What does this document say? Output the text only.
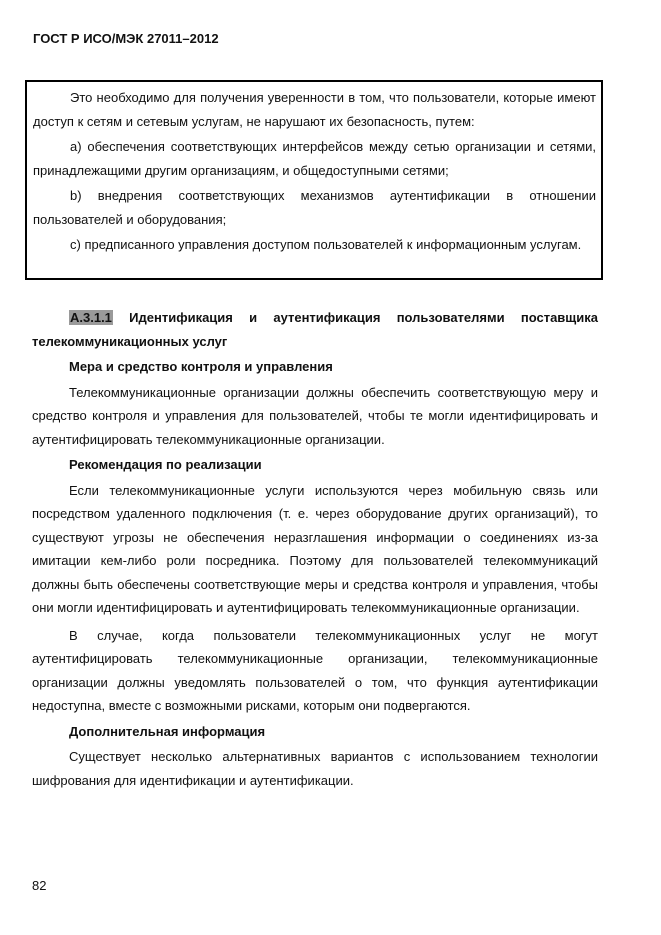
ГОСТ Р ИСО/МЭК 27011–2012

Это необходимо для получения уверенности в том, что пользователи, которые имеют доступ к сетям и сетевым услугам, не нарушают их безопасность, путем:

a) обеспечения соответствующих интерфейсов между сетью организации и сетями, принадлежащими другим организациям, и общедоступными сетями;

b) внедрения соответствующих механизмов аутентификации в отношении пользователей и оборудования;

c) предписанного управления доступом пользователей к информационным услугам.

A.3.1.1 Идентификация и аутентификация пользователями поставщика телекоммуникационных услуг

Мера и средство контроля и управления

Телекоммуникационные организации должны обеспечить соответствующую меру и средство контроля и управления для пользователей, чтобы те могли идентифицировать и аутентифицировать телекоммуникационные организации.

Рекомендация по реализации

Если телекоммуникационные услуги используются через мобильную связь или посредством удаленного подключения (т. е. через оборудование других организаций), то существуют угрозы не обеспечения неразглашения информации о соединениях из-за имитации кем-либо роли посредника. Поэтому для пользователей телекоммуникаций должны быть обеспечены соответствующие меры и средства контроля и управления, чтобы они могли идентифицировать и аутентифицировать телекоммуникационные организации.

В случае, когда пользователи телекоммуникационных услуг не могут аутентифицировать телекоммуникационные организации, телекоммуникационные организации должны уведомлять пользователей о том, что функция аутентификации недоступна, вместе с возможными рисками, которым они подвергаются.

Дополнительная информация

Существует несколько альтернативных вариантов с использованием технологии шифрования для идентификации и аутентификации.

82
